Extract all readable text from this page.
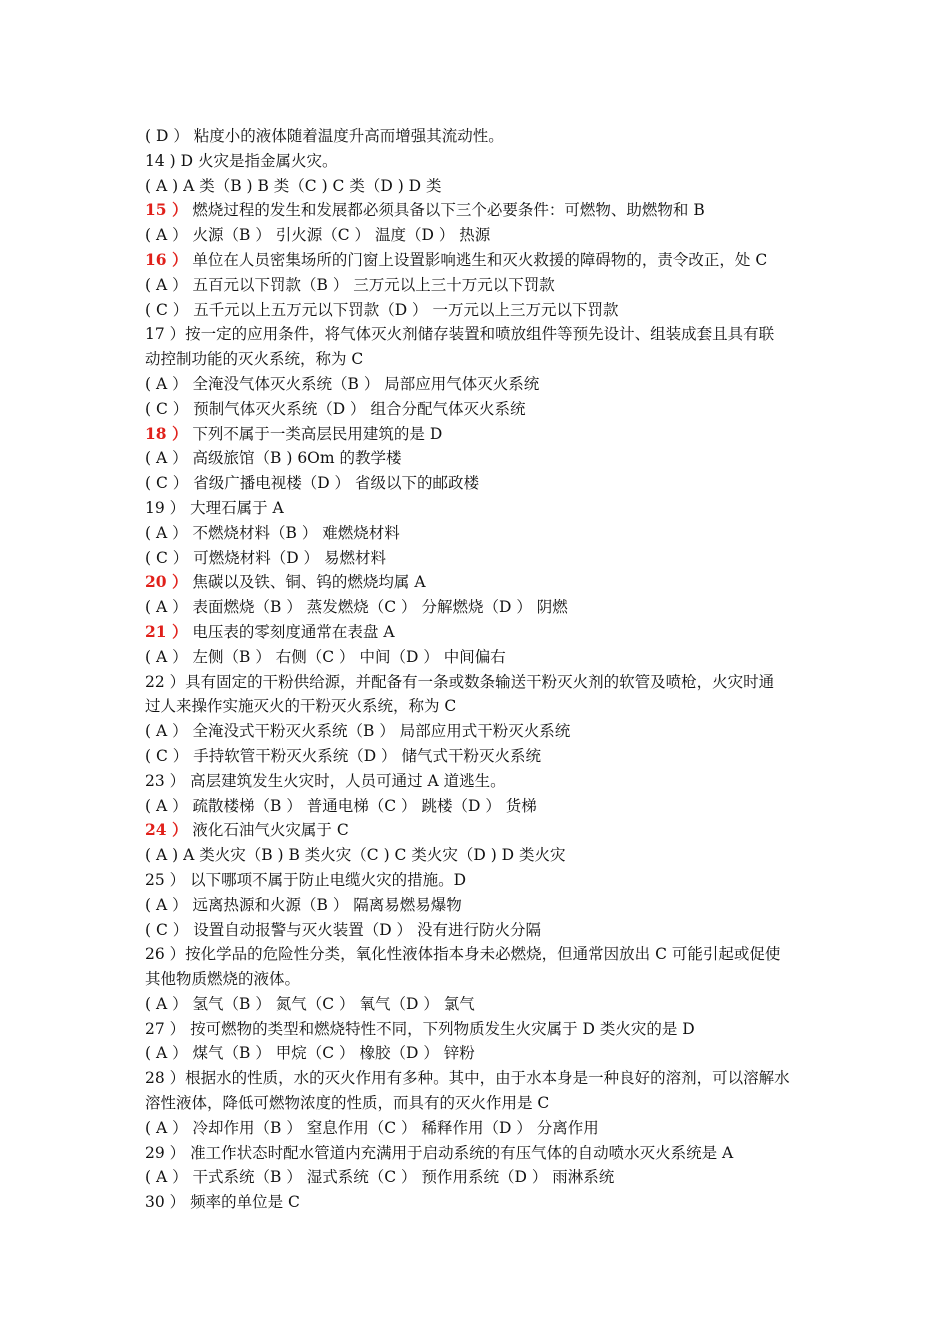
( D ） 粘度小的液体随着温度升高而增强其流动性。
14 ) D 火灾是指金属火灾。
( A ) A 类（B ) B 类（C ) C 类（D ) D 类
15 ） 燃烧过程的发生和发展都必须具备以下三个必要条件：可燃物、助燃物和 B
( A ） 火源（B ） 引火源（C ） 温度（D ） 热源
16 ） 单位在人员密集场所的门窗上设置影响逃生和灭火救援的障碍物的，责令改正，处 C
( A ） 五百元以下罚款（B ） 三万元以上三十万元以下罚款
( C ） 五千元以上五万元以下罚款（D ） 一万元以上三万元以下罚款
17 ）按一定的应用条件，将气体灭火剂储存装置和喷放组件等预先设计、组装成套且具有联
动控制功能的灭火系统，称为 C
( A ） 全淹没气体灭火系统（B ） 局部应用气体灭火系统
( C ） 预制气体灭火系统（D ） 组合分配气体灭火系统
18 ） 下列不属于一类高层民用建筑的是 D
( A ） 高级旅馆（B ) 6Om 的教学楼
( C ） 省级广播电视楼（D ） 省级以下的邮政楼
19 ） 大理石属于 A
( A ） 不燃烧材料（B ） 难燃烧材料
( C ） 可燃烧材料（D ） 易燃材料
20 ） 焦碳以及铁、铜、钨的燃烧均属 A
( A ） 表面燃烧（B ） 蒸发燃烧（C ） 分解燃烧（D ） 阴燃
21 ） 电压表的零刻度通常在表盘 A
( A ） 左侧（B ） 右侧（C ） 中间（D ） 中间偏右
22 ）具有固定的干粉供给源，并配备有一条或数条输送干粉灭火剂的软管及喷枪，火灾时通
过人来操作实施灭火的干粉灭火系统，称为 C
( A ） 全淹没式干粉灭火系统（B ） 局部应用式干粉灭火系统
( C ） 手持软管干粉灭火系统（D ） 储气式干粉灭火系统
23 ） 高层建筑发生火灾时，人员可通过 A 道逃生。
( A ） 疏散楼梯（B ） 普通电梯（C ） 跳楼（D ） 货梯
24 ） 液化石油气火灾属于 C
( A ) A 类火灾（B ) B 类火灾（C ) C 类火灾（D ) D 类火灾
25 ） 以下哪项不属于防止电缆火灾的措施。D
( A ） 远离热源和火源（B ） 隔离易燃易爆物
( C ） 设置自动报警与灭火装置（D ） 没有进行防火分隔
26 ）按化学品的危险性分类，氧化性液体指本身未必燃烧，但通常因放出 C 可能引起或促使
其他物质燃烧的液体。
( A ） 氢气（B ） 氮气（C ） 氧气（D ） 氯气
27 ） 按可燃物的类型和燃烧特性不同，下列物质发生火灾属于 D 类火灾的是 D
( A ） 煤气（B ） 甲烷（C ） 橡胶（D ） 锌粉
28 ）根据水的性质，水的灭火作用有多种。其中，由于水本身是一种良好的溶剂，可以溶解水
溶性液体，降低可燃物浓度的性质，而具有的灭火作用是 C
( A ） 冷却作用（B ） 窒息作用（C ） 稀释作用（D ） 分离作用
29 ） 准工作状态时配水管道内充满用于启动系统的有压气体的自动喷水灭火系统是 A
( A ） 干式系统（B ） 湿式系统（C ） 预作用系统（D ） 雨淋系统
30 ） 频率的单位是 C
